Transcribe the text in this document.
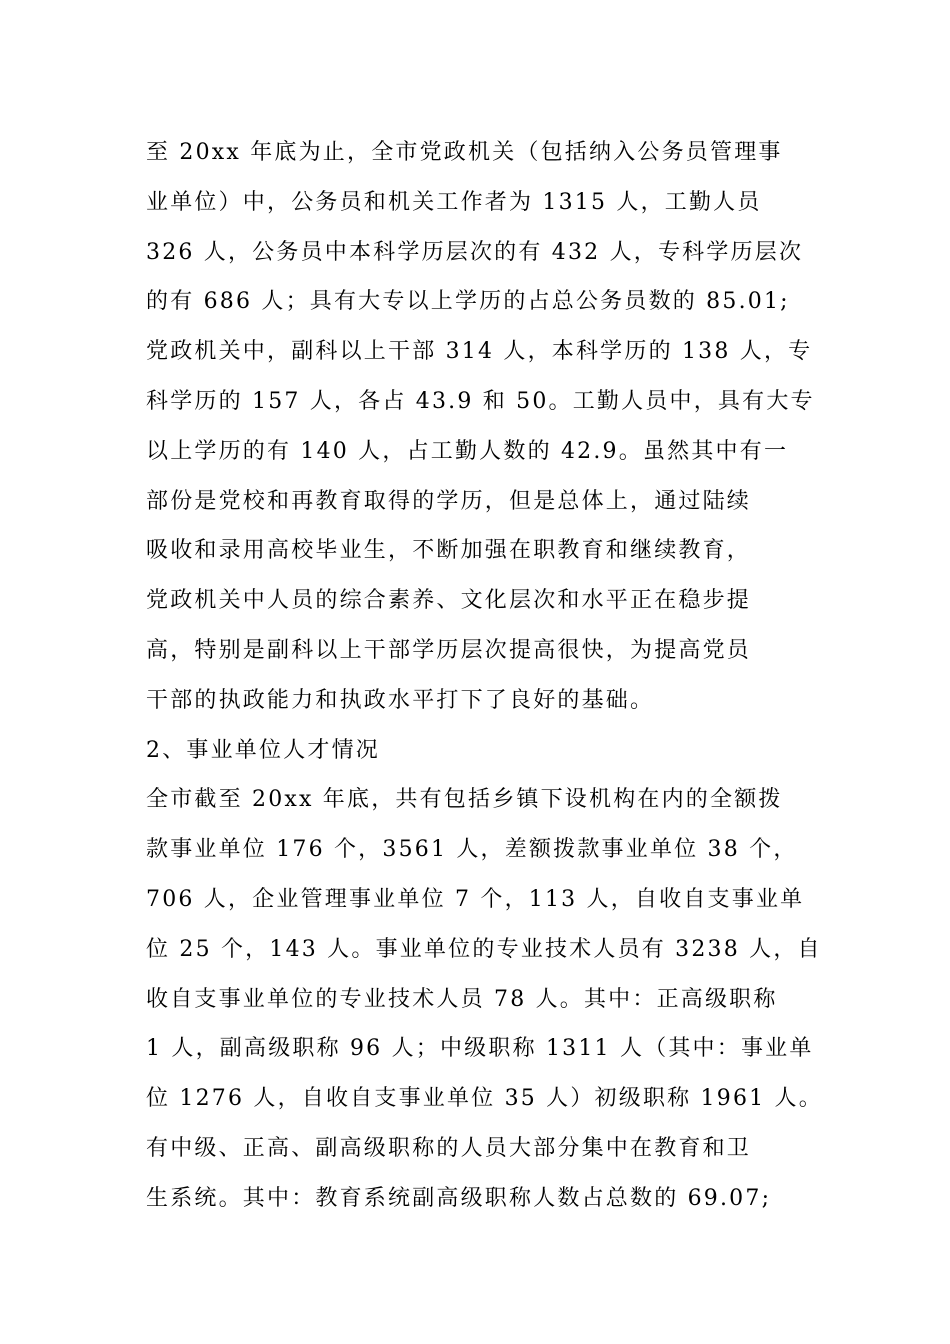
至 20xx 年底为止，全市党政机关（包括纳入公务员管理事
业单位）中，公务员和机关工作者为 1315 人，工勤人员
326 人，公务员中本科学历层次的有 432 人，专科学历层次
的有 686 人；具有大专以上学历的占总公务员数的 85.01;
党政机关中，副科以上干部 314 人，本科学历的 138 人，专
科学历的 157 人，各占 43.9 和 50。工勤人员中，具有大专
以上学历的有 140 人，占工勤人数的 42.9。虽然其中有一
部份是党校和再教育取得的学历，但是总体上，通过陆续
吸收和录用高校毕业生，不断加强在职教育和继续教育，
党政机关中人员的综合素养、文化层次和水平正在稳步提
高，特别是副科以上干部学历层次提高很快，为提高党员
干部的执政能力和执政水平打下了良好的基础。
2、事业单位人才情况
全市截至 20xx 年底，共有包括乡镇下设机构在内的全额拨
款事业单位 176 个，3561 人，差额拨款事业单位 38 个，
706 人，企业管理事业单位 7 个，113 人，自收自支事业单
位 25 个，143 人。事业单位的专业技术人员有 3238 人，自
收自支事业单位的专业技术人员 78 人。其中：正高级职称
1 人，副高级职称 96 人；中级职称 1311 人（其中：事业单
位 1276 人，自收自支事业单位 35 人）初级职称 1961 人。
有中级、正高、副高级职称的人员大部分集中在教育和卫
生系统。其中：教育系统副高级职称人数占总数的 69.07;
